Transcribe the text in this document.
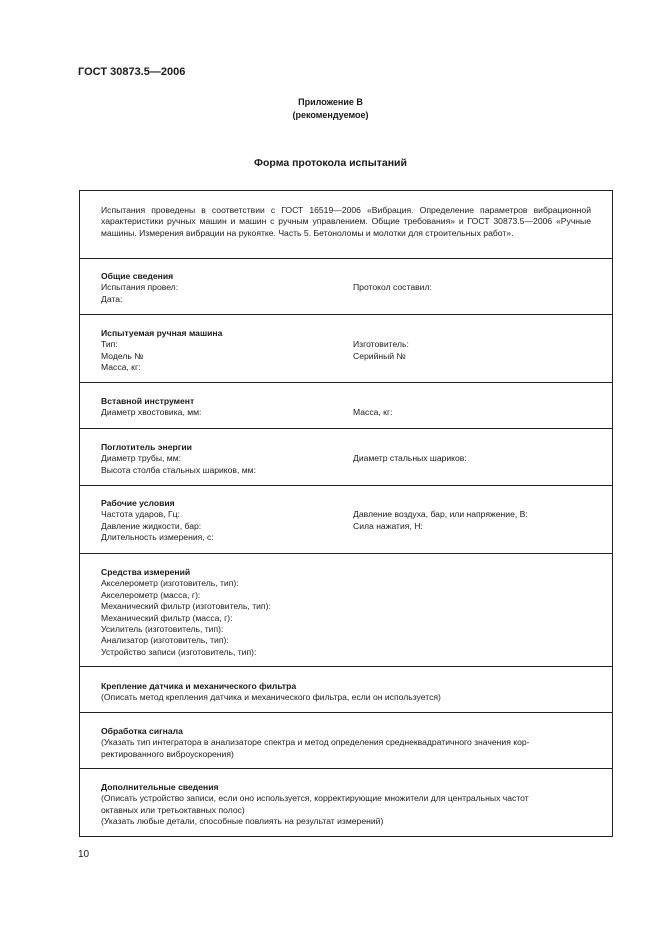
ГОСТ 30873.5—2006
Приложение В
(рекомендуемое)
Форма протокола испытаний
Испытания проведены в соответствии с ГОСТ 16519—2006 «Вибрация. Определение параметров вибрационной характеристики ручных машин и машин с ручным управлением. Общие требования» и ГОСТ 30873.5—2006 «Ручные машины. Измерения вибрации на рукоятке. Часть 5. Бетоноломы и молотки для строительных работ».
Общие сведения
Испытания провел:	Протокол составил:
Дата:
Испытуемая ручная машина
Тип:	Изготовитель:
Модель №	Серийный №
Масса, кг:
Вставной инструмент
Диаметр хвостовика, мм:	Масса, кг:
Поглотитель энергии
Диаметр трубы, мм:	Диаметр стальных шариков:
Высота столба стальных шариков, мм:
Рабочие условия
Частота ударов, Гц:	Давление воздуха, бар, или напряжение, В:
Давление жидкости, бар:	Сила нажатия, Н:
Длительность измерения, с:
Средства измерений
Акселерометр (изготовитель, тип):
Акселерометр (масса, г):
Механический фильтр (изготовитель, тип):
Механический фильтр (масса, г):
Усилитель (изготовитель, тип):
Анализатор (изготовитель, тип):
Устройство записи (изготовитель, тип):
Крепление датчика и механического фильтра
(Описать метод крепления датчика и механического фильтра, если он используется)
Обработка сигнала
(Указать тип интегратора в анализаторе спектра и метод определения среднеквадратичного значения кор-
ректированного виброускорения)
Дополнительные сведения
(Описать устройство записи, если оно используется, корректирующие множители для центральных частот
октавных или третьоктавных полос)
(Указать любые детали, способные повлиять на результат измерений)
10
